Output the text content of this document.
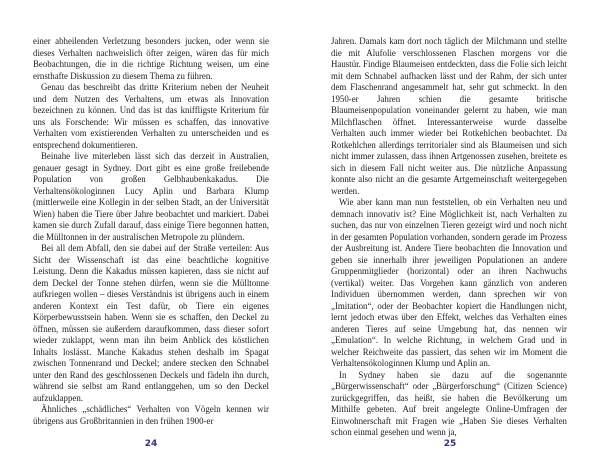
einer abheilenden Verletzung besonders jucken, oder wenn sie dieses Verhalten nachweislich öfter zeigen, wären das für mich Beobachtungen, die in die richtige Richtung weisen, um eine ernsthafte Diskussion zu diesem Thema zu führen.

Genau das beschreibt das dritte Kriterium neben der Neuheit und dem Nutzen des Verhaltens, um etwas als Innovation bezeichnen zu können. Und das ist das kniffligste Kriterium für uns als Forschende: Wir müssen es schaffen, das innovative Verhalten vom existierenden Verhalten zu unterscheiden und es entsprechend dokumentieren.

Beinahe live miterleben lässt sich das derzeit in Australien, genauer gesagt in Sydney. Dort gibt es eine große freilebende Population von großen Gelbhaubenkakadus. Die Verhaltensökologinnen Lucy Aplin und Barbara Klump (mittlerweile eine Kollegin in der selben Stadt, an der Universität Wien) haben die Tiere über Jahre beobachtet und markiert. Dabei kamen sie durch Zufall darauf, dass einige Tiere begonnen hatten, die Mülltonnen in der australischen Metropole zu plündern.

Bei all dem Abfall, den sie dabei auf der Straße verteilen: Aus Sicht der Wissenschaft ist das eine beachtliche kognitive Leistung. Denn die Kakadus müssen kapieren, dass sie nicht auf dem Deckel der Tonne stehen dürfen, wenn sie die Mülltonne aufkriegen wollen – dieses Verständnis ist übrigens auch in einem anderen Kontext ein Test dafür, ob Tiere ein eigenes Körperbewusstsein haben. Wenn sie es schaffen, den Deckel zu öffnen, müssen sie außerdem daraufkommen, dass dieser sofort wieder zuklappt, wenn man ihn beim Anblick des köstlichen Inhalts loslässt. Manche Kakadus stehen deshalb im Spagat zwischen Tonnenrand und Deckel; andere stecken den Schnabel unter den Rand des geschlossenen Deckels und fädeln ihn durch, während sie selbst am Rand entlanggehen, um so den Deckel aufzuklappen.

Ähnliches „schädliches“ Verhalten von Vögeln kennen wir übrigens aus Großbritannien in den frühen 1900-er

24

Jahren. Damals kam dort noch täglich der Milchmann und stellte die mit Alufolie verschlossenen Flaschen morgens vor die Haustür. Findige Blaumeisen entdeckten, dass die Folie sich leicht mit dem Schnabel aufhacken lässt und der Rahm, der sich unter dem Flaschenrand angesammelt hat, sehr gut schmeckt. In den 1950-er Jahren schien die gesamte britische Blaumeisenpopulation voneinander gelernt zu haben, wie man Milchflaschen öffnet. Interessanterweise wurde dasselbe Verhalten auch immer wieder bei Rotkehlchen beobachtet. Da Rotkehlchen allerdings territorialer sind als Blaumeisen und sich nicht immer zulassen, dass ihnen Artgenossen zusehen, breitete es sich in diesem Fall nicht weiter aus. Die nützliche Anpassung konnte also nicht an die gesamte Artgemeinschaft weitergegeben werden.

Wie aber kann man nun feststellen, ob ein Verhalten neu und demnach innovativ ist? Eine Möglichkeit ist, nach Verhalten zu suchen, das nur von einzelnen Tieren gezeigt wird und noch nicht in der gesamten Population vorhanden, sondern gerade im Prozess der Ausbreitung ist. Andere Tiere beobachten die Innovation und geben sie innerhalb ihrer jeweiligen Populationen an andere Gruppenmitglieder (horizontal) oder an ihren Nachwuchs (vertikal) weiter. Das Vorgehen kann gänzlich von anderen Individuen übernommen werden, dann sprechen wir von „Imitation“, oder der Beobachter kopiert die Handlungen nicht, lernt jedoch etwas über den Effekt, welches das Verhalten eines anderen Tieres auf seine Umgebung hat, das nennen wir „Emulation“. In welche Richtung, in welchem Grad und in welcher Reichweite das passiert, das sehen wir im Moment die Verhaltensökologinnen Klump und Aplin an.

In Sydney haben sie dazu auf die sogenannte „Bürgerwissenschaft“ oder „Bürgerforschung“ (Citizen Science) zurückgegriffen, das heißt, sie haben die Bevölkerung um Mithilfe gebeten. Auf breit angelegte Online-Umfragen der Einwohnerschaft mit Fragen wie „Haben Sie dieses Verhalten schon einmal gesehen und wenn ja,

25
